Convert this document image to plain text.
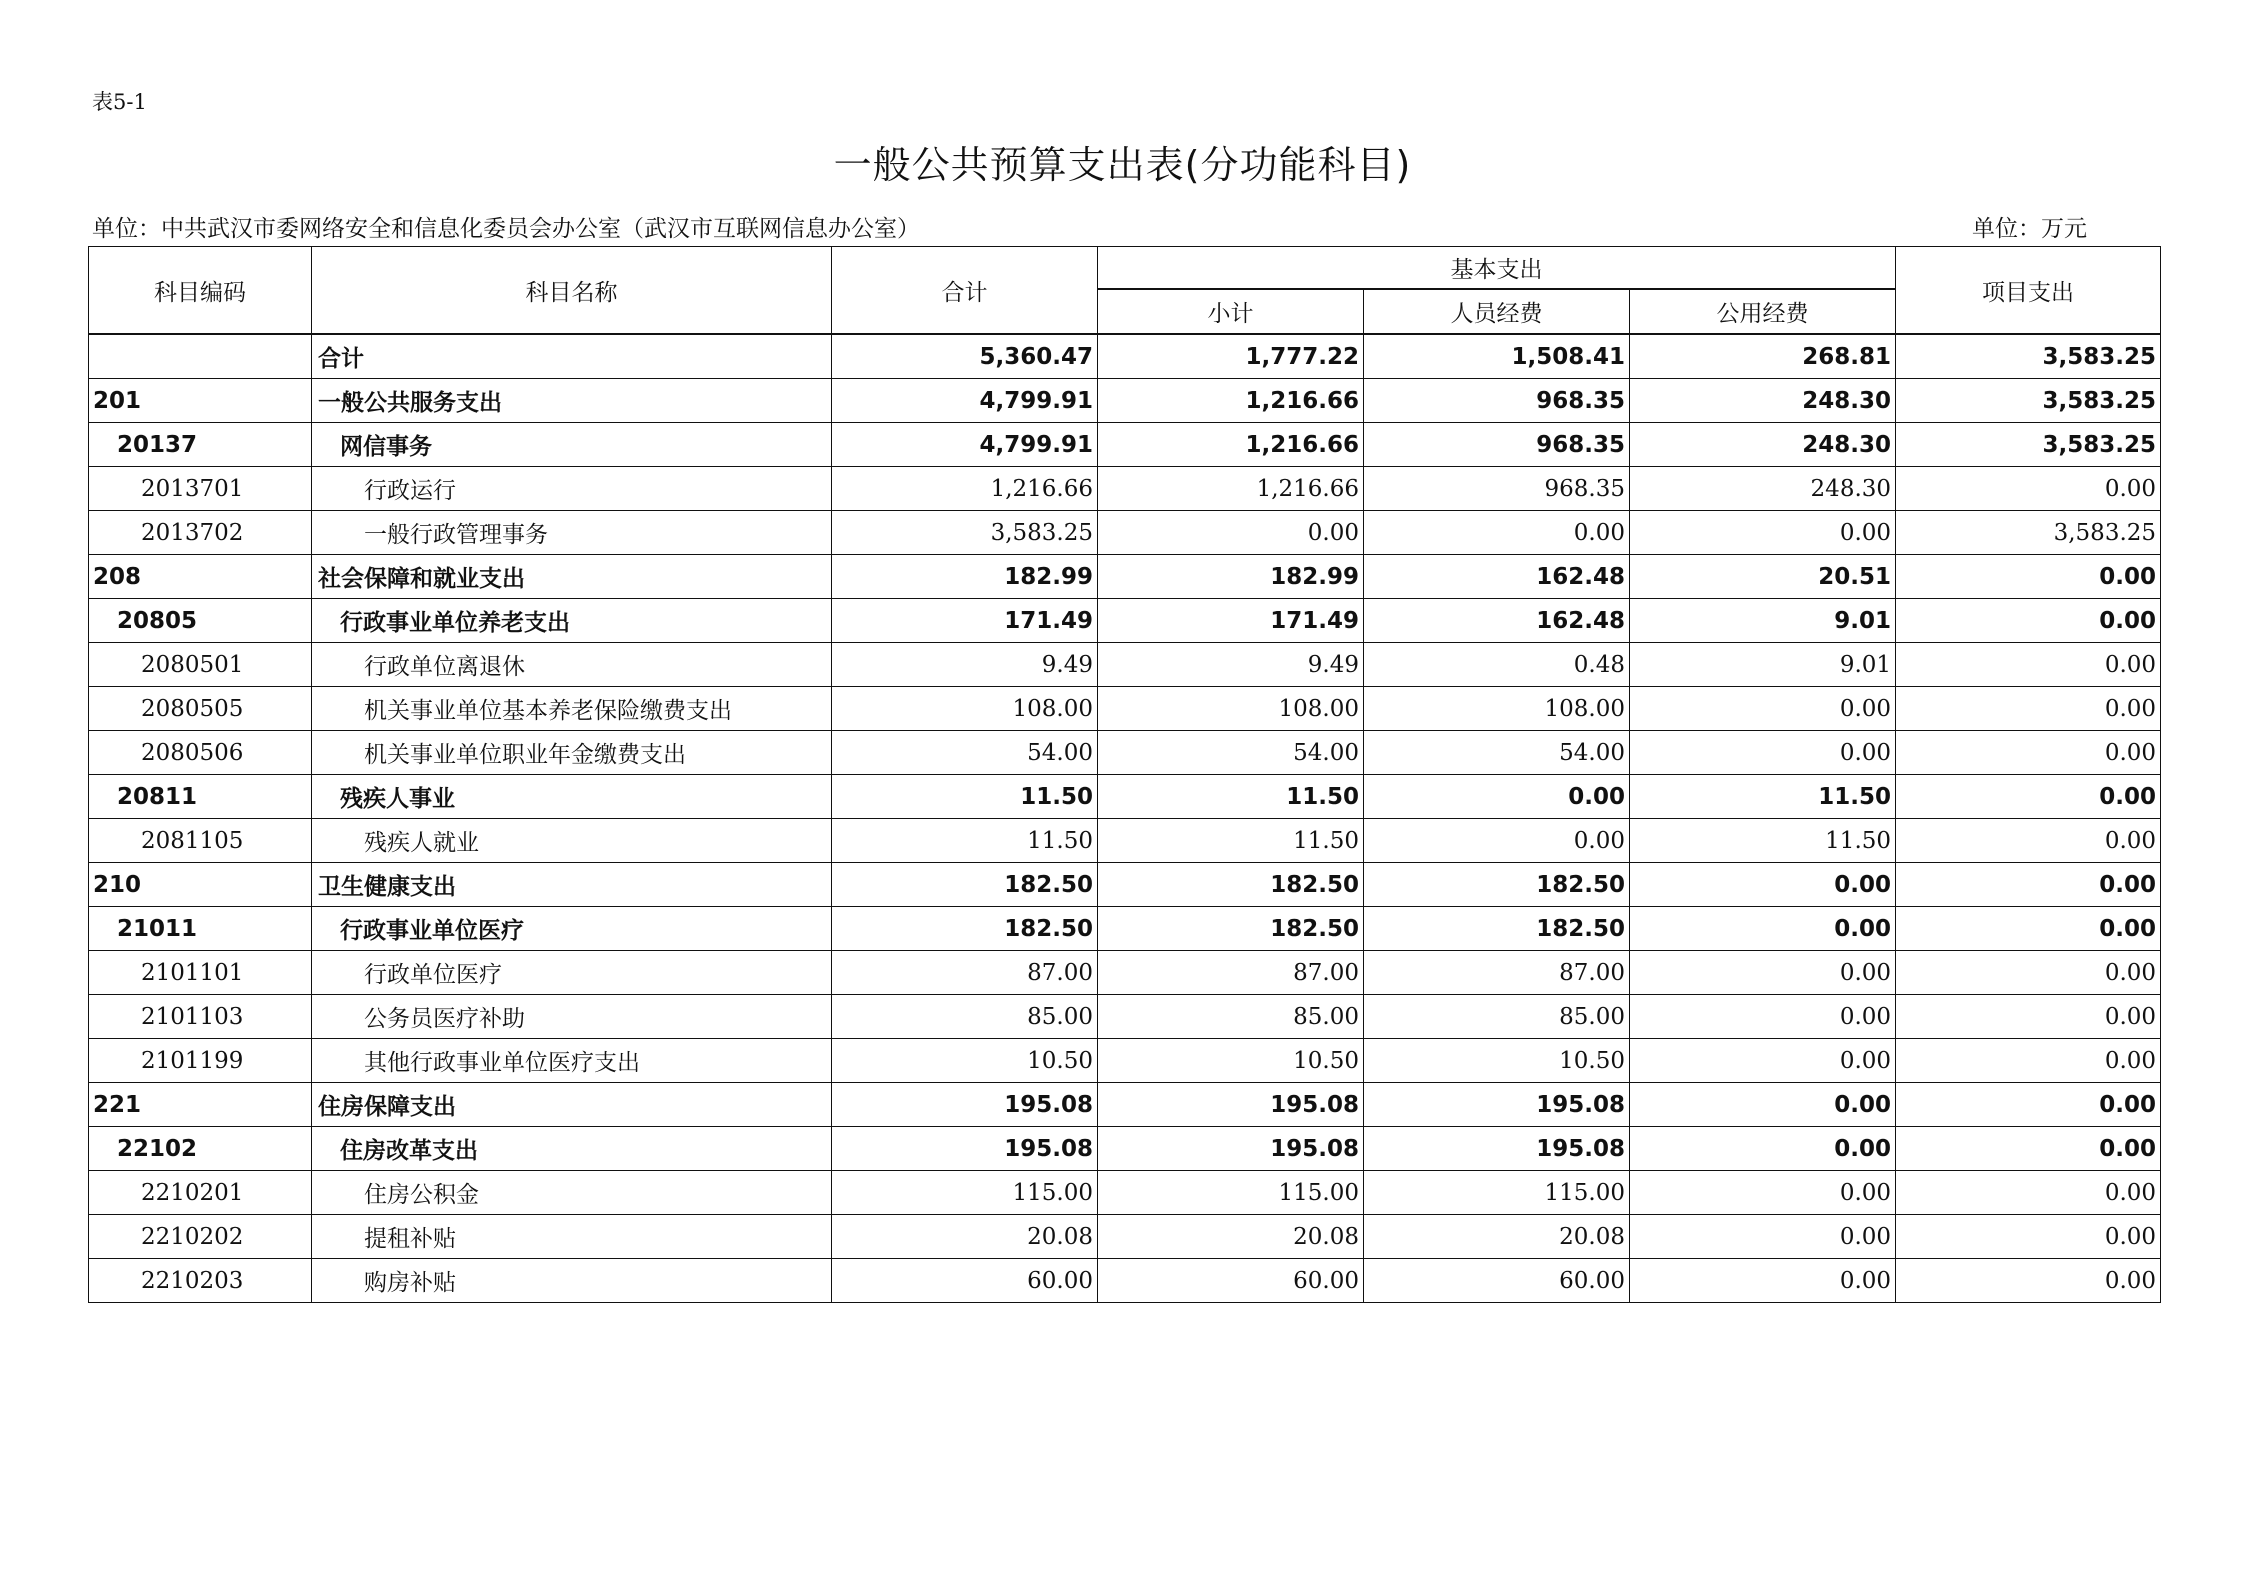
表5-1
一般公共预算支出表(分功能科目)
单位：中共武汉市委网络安全和信息化委员会办公室（武汉市互联网信息办公室）	单位：万元
科目编码	科目名称	合计	基本支出			项目支出
			小计	人员经费	公用经费	
	合计	5,360.47	1,777.22	1,508.41	268.81	3,583.25
201	一般公共服务支出	4,799.91	1,216.66	968.35	248.30	3,583.25
20137	网信事务	4,799.91	1,216.66	968.35	248.30	3,583.25
2013701	行政运行	1,216.66	1,216.66	968.35	248.30	0.00
2013702	一般行政管理事务	3,583.25	0.00	0.00	0.00	3,583.25
208	社会保障和就业支出	182.99	182.99	162.48	20.51	0.00
20805	行政事业单位养老支出	171.49	171.49	162.48	9.01	0.00
2080501	行政单位离退休	9.49	9.49	0.48	9.01	0.00
2080505	机关事业单位基本养老保险缴费支出	108.00	108.00	108.00	0.00	0.00
2080506	机关事业单位职业年金缴费支出	54.00	54.00	54.00	0.00	0.00
20811	残疾人事业	11.50	11.50	0.00	11.50	0.00
2081105	残疾人就业	11.50	11.50	0.00	11.50	0.00
210	卫生健康支出	182.50	182.50	182.50	0.00	0.00
21011	行政事业单位医疗	182.50	182.50	182.50	0.00	0.00
2101101	行政单位医疗	87.00	87.00	87.00	0.00	0.00
2101103	公务员医疗补助	85.00	85.00	85.00	0.00	0.00
2101199	其他行政事业单位医疗支出	10.50	10.50	10.50	0.00	0.00
221	住房保障支出	195.08	195.08	195.08	0.00	0.00
22102	住房改革支出	195.08	195.08	195.08	0.00	0.00
2210201	住房公积金	115.00	115.00	115.00	0.00	0.00
2210202	提租补贴	20.08	20.08	20.08	0.00	0.00
2210203	购房补贴	60.00	60.00	60.00	0.00	0.00
